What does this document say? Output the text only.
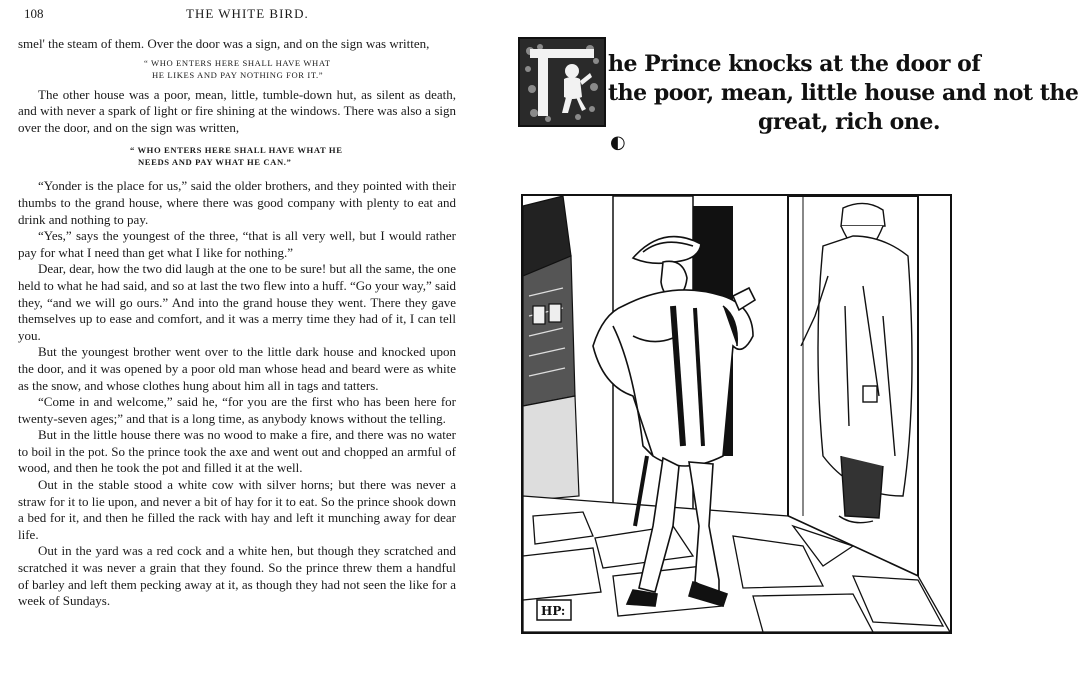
108	THE WHITE BIRD.

smel' the steam of them. Over the door was a sign, and on the sign was written,

“ WHO ENTERS HERE SHALL HAVE WHAT
HE LIKES AND PAY NOTHING FOR IT.”

The other house was a poor, mean, little, tumble-down hut, as silent as death, and with never a spark of light or fire shining at the windows. There was also a sign over the door, and on the sign was written,

“ WHO ENTERS HERE SHALL HAVE WHAT HE
NEEDS AND PAY WHAT HE CAN.”

“Yonder is the place for us,” said the older brothers, and they pointed with their thumbs to the grand house, where there was good company with plenty to eat and drink and nothing to pay.

“Yes,” says the youngest of the three, “that is all very well, but I would rather pay for what I need than get what I like for nothing.”

Dear, dear, how the two did laugh at the one to be sure! but all the same, the one held to what he had said, and so at last the two flew into a huff. “Go your way,” said they, “and we will go ours.” And into the grand house they went. There they gave themselves up to ease and comfort, and it was a merry time they had of it, I can tell you.

But the youngest brother went over to the little dark house and knocked upon the door, and it was opened by a poor old man whose head and beard were as white as the snow, and whose clothes hung about him all in tags and tatters.

“Come in and welcome,” said he, “for you are the first who has been here for twenty-seven ages;” and that is a long time, as anybody knows without the telling.

But in the little house there was no wood to make a fire, and there was no water to boil in the pot. So the prince took the axe and went out and chopped an armful of wood, and then he took the pot and filled it at the well.

Out in the stable stood a white cow with silver horns; but there was never a straw for it to lie upon, and never a bit of hay for it to eat. So the prince shook down a bed for it, and then he filled the rack with hay and left it munching away for dear life.

Out in the yard was a red cock and a white hen, but though they scratched and scratched it was never a grain that they found. So the prince threw them a handful of barley and left them pecking away at it, as though they had not seen the like for a week of Sundays.

he Prince knocks at the door of
the poor, mean, little house and not the
great, rich one.
◐
HP:
